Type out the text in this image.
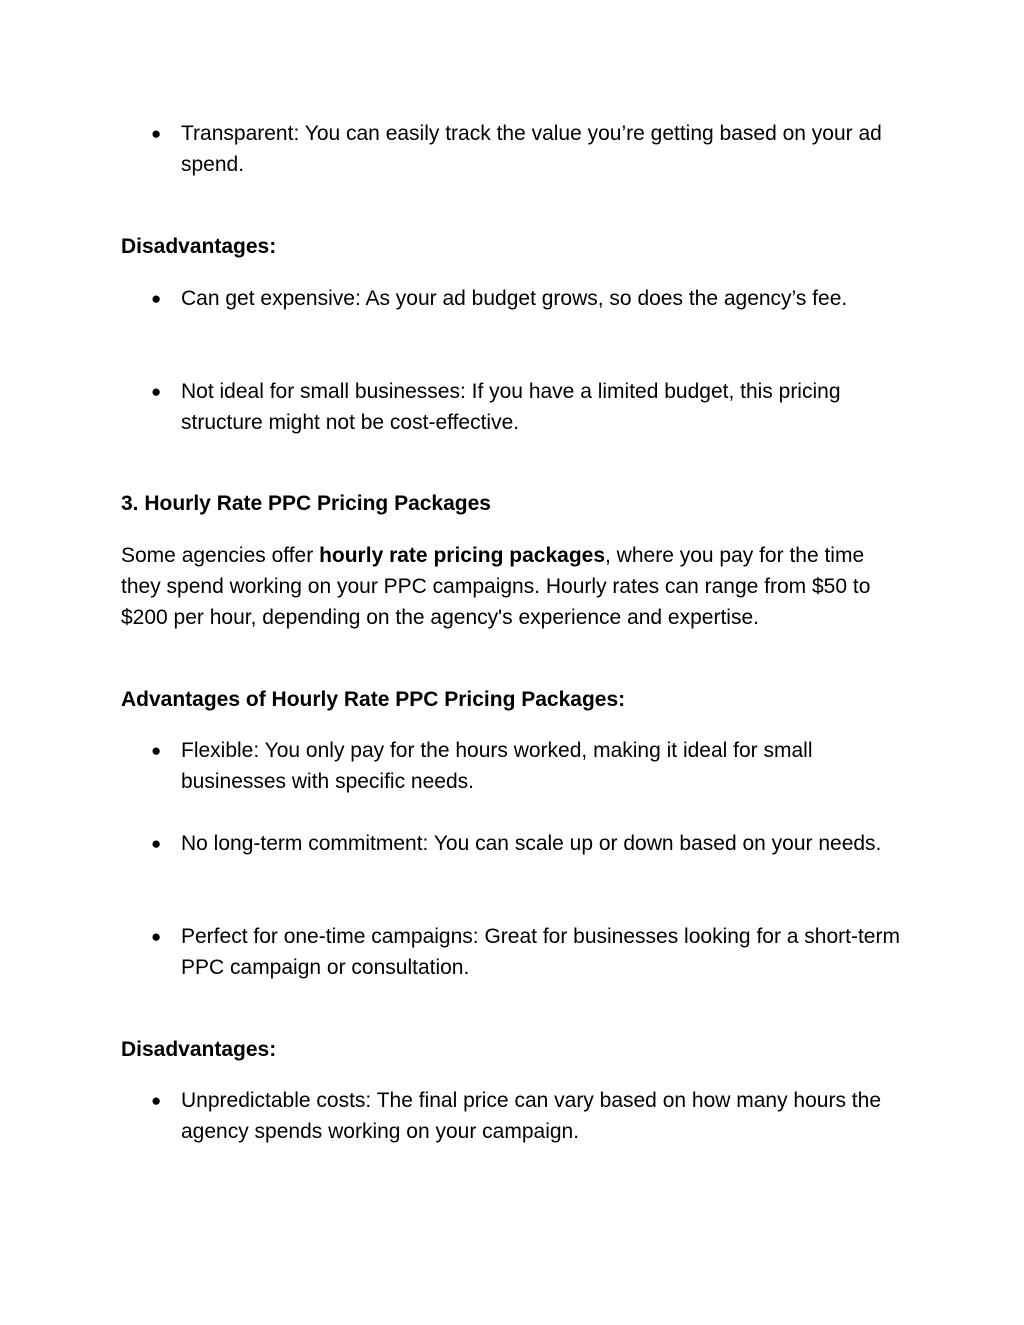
● Transparent: You can easily track the value you’re getting based on your ad spend.
Disadvantages:
● Can get expensive: As your ad budget grows, so does the agency’s fee.
● Not ideal for small businesses: If you have a limited budget, this pricing structure might not be cost-effective.
3. Hourly Rate PPC Pricing Packages
Some agencies offer hourly rate pricing packages, where you pay for the time they spend working on your PPC campaigns. Hourly rates can range from $50 to $200 per hour, depending on the agency's experience and expertise.
Advantages of Hourly Rate PPC Pricing Packages:
● Flexible: You only pay for the hours worked, making it ideal for small businesses with specific needs.
● No long-term commitment: You can scale up or down based on your needs.
● Perfect for one-time campaigns: Great for businesses looking for a short-term PPC campaign or consultation.
Disadvantages:
● Unpredictable costs: The final price can vary based on how many hours the agency spends working on your campaign.
